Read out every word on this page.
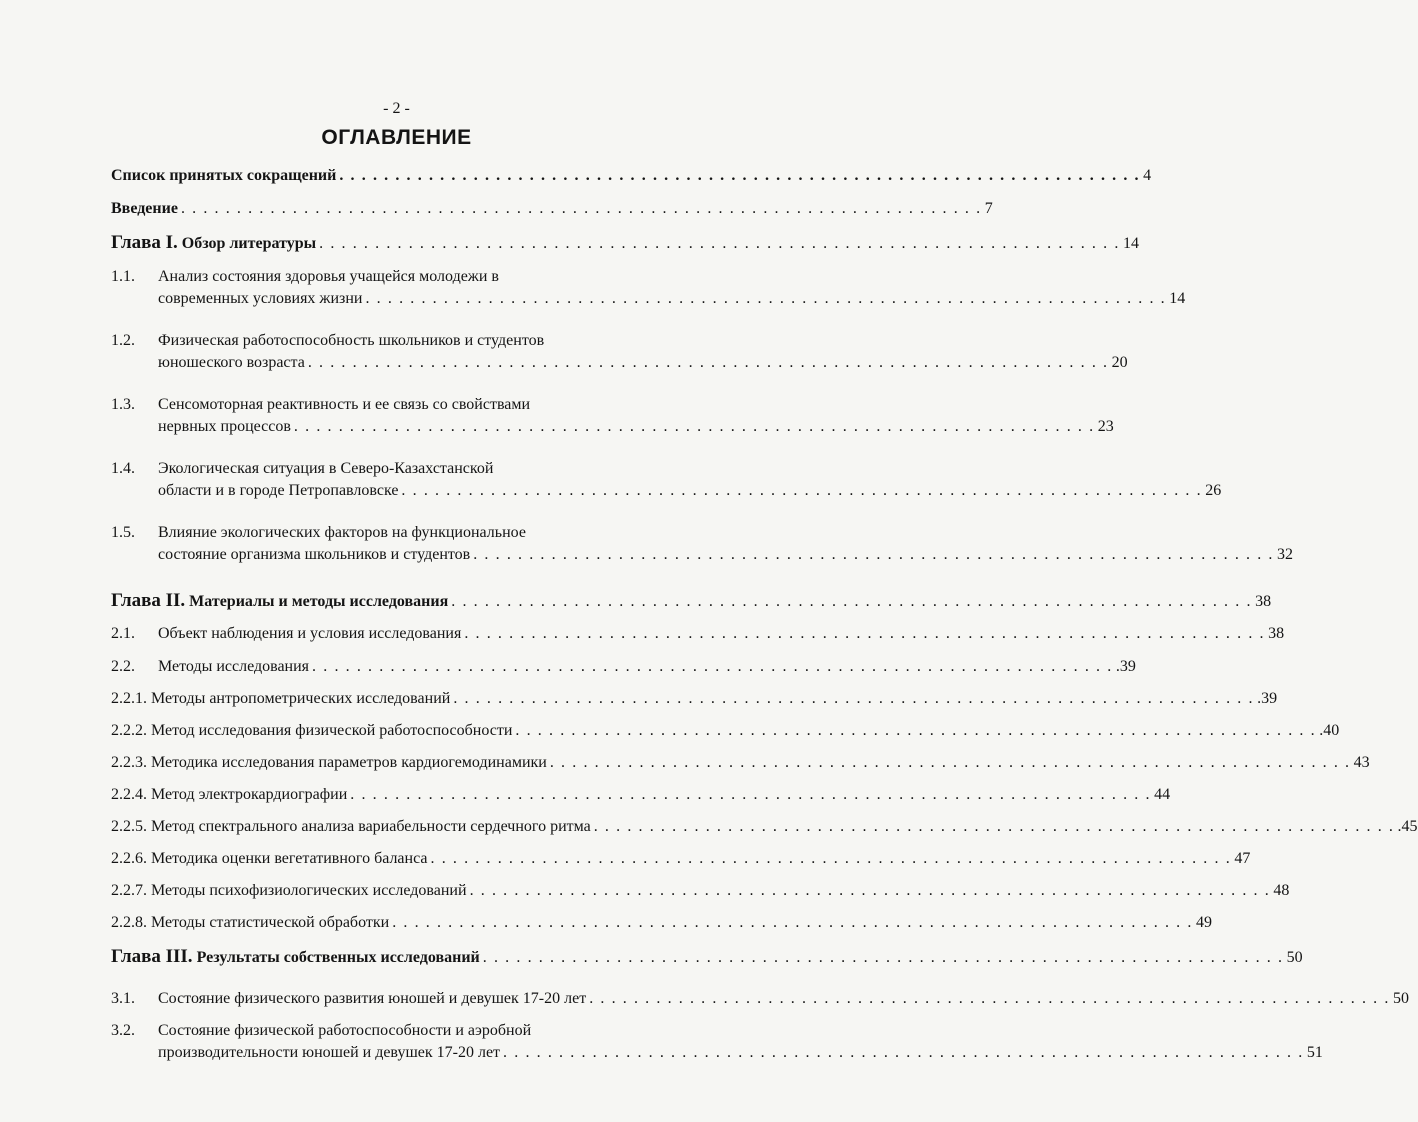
- 2 -
ОГЛАВЛЕНИЕ
Список принятых сокращений . . . . . . . . . . . . . . . . . . . . . . . . . . . . . . . . . . . . . . . . . . . . . . . . . . . . . . . . . . . . . . . . . . . . . . . . 4
Введение . . . . . . . . . . . . . . . . . . . . . . . . . . . . . . . . . . . . . . . . . . . . . . . . . . . . . . . . . . . . . . . . . . . . . . . . 7
Глава I. Обзор литературы . . . . . . . . . . . . . . . . . . . . . . . . . . . . . . . . . . . . . . . . . . . . . . . . . . . . . . . . . . . . . . . . . . . . . . . . 14
1.1. Анализ состояния здоровья учащейся молодежи в
современных условиях жизни . . . . . . . . . . . . . . . . . . . . . . . . . . . . . . . . . . . . . . . . . . . . . . . . . . . . . . . . . . . . . . . . . . . . . . . . 14
1.2. Физическая работоспособность школьников и студентов
юношеского возраста . . . . . . . . . . . . . . . . . . . . . . . . . . . . . . . . . . . . . . . . . . . . . . . . . . . . . . . . . . . . . . . . . . . . . . . . 20
1.3. Сенсомоторная реактивность и ее связь со свойствами
нервных процессов . . . . . . . . . . . . . . . . . . . . . . . . . . . . . . . . . . . . . . . . . . . . . . . . . . . . . . . . . . . . . . . . . . . . . . . . 23
1.4. Экологическая ситуация в Северо-Казахстанской
области и в городе Петропавловске . . . . . . . . . . . . . . . . . . . . . . . . . . . . . . . . . . . . . . . . . . . . . . . . . . . . . . . . . . . . . . . . . . . . . . . . 26
1.5. Влияние экологических факторов на функциональное
состояние организма школьников и студентов . . . . . . . . . . . . . . . . . . . . . . . . . . . . . . . . . . . . . . . . . . . . . . . . . . . . . . . . . . . . . . . . . . . . . . . . 32
Глава II. Материалы и методы исследования . . . . . . . . . . . . . . . . . . . . . . . . . . . . . . . . . . . . . . . . . . . . . . . . . . . . . . . . . . . . . . . . . . . . . . . . 38
2.1. Объект наблюдения и условия исследования . . . . . . . . . . . . . . . . . . . . . . . . . . . . . . . . . . . . . . . . . . . . . . . . . . . . . . . . . . . . . . . . . . . . . . . . 38
2.2. Методы исследования . . . . . . . . . . . . . . . . . . . . . . . . . . . . . . . . . . . . . . . . . . . . . . . . . . . . . . . . . . . . . . . . . . . . . . . . .39
2.2.1. Методы антропометрических исследований . . . . . . . . . . . . . . . . . . . . . . . . . . . . . . . . . . . . . . . . . . . . . . . . . . . . . . . . . . . . . . . . . . . . . . . . .39
2.2.2. Метод исследования физической работоспособности . . . . . . . . . . . . . . . . . . . . . . . . . . . . . . . . . . . . . . . . . . . . . . . . . . . . . . . . . . . . . . . . . . . . . . . . .40
2.2.3. Методика исследования параметров кардиогемодинамики . . . . . . . . . . . . . . . . . . . . . . . . . . . . . . . . . . . . . . . . . . . . . . . . . . . . . . . . . . . . . . . . . . . . . . . . 43
2.2.4. Метод электрокардиографии . . . . . . . . . . . . . . . . . . . . . . . . . . . . . . . . . . . . . . . . . . . . . . . . . . . . . . . . . . . . . . . . . . . . . . . . 44
2.2.5. Метод спектрального анализа вариабельности сердечного ритма . . . . . . . . . . . . . . . . . . . . . . . . . . . . . . . . . . . . . . . . . . . . . . . . . . . . . . . . . . . . . . . . . . . . . . . . .45
2.2.6. Методика оценки вегетативного баланса . . . . . . . . . . . . . . . . . . . . . . . . . . . . . . . . . . . . . . . . . . . . . . . . . . . . . . . . . . . . . . . . . . . . . . . . 47
2.2.7. Методы психофизиологических исследований . . . . . . . . . . . . . . . . . . . . . . . . . . . . . . . . . . . . . . . . . . . . . . . . . . . . . . . . . . . . . . . . . . . . . . . . 48
2.2.8. Методы статистической обработки . . . . . . . . . . . . . . . . . . . . . . . . . . . . . . . . . . . . . . . . . . . . . . . . . . . . . . . . . . . . . . . . . . . . . . . . 49
Глава III. Результаты собственных исследований . . . . . . . . . . . . . . . . . . . . . . . . . . . . . . . . . . . . . . . . . . . . . . . . . . . . . . . . . . . . . . . . . . . . . . . . 50
3.1. Состояние физического развития юношей и девушек 17-20 лет . . . . . . . . . . . . . . . . . . . . . . . . . . . . . . . . . . . . . . . . . . . . . . . . . . . . . . . . . . . . . . . . . . . . . . . . 50
3.2. Состояние физической работоспособности и аэробной
производительности юношей и девушек 17-20 лет . . . . . . . . . . . . . . . . . . . . . . . . . . . . . . . . . . . . . . . . . . . . . . . . . . . . . . . . . . . . . . . . . . . . . . . . 51
